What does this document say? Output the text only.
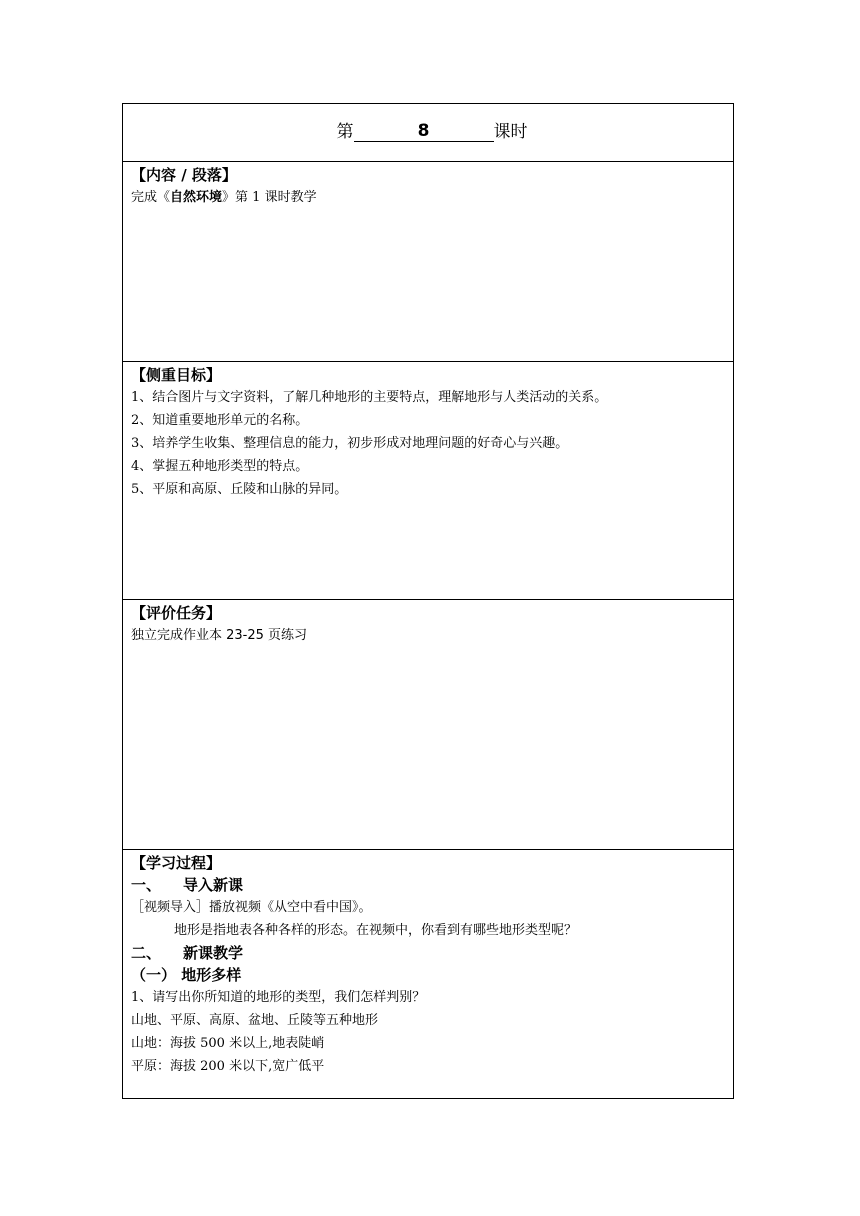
第	8	课时
【内容 / 段落】
完成《自然环境》第 1 课时教学
【侧重目标】
1、结合图片与文字资料，了解几种地形的主要特点，理解地形与人类活动的关系。
2、知道重要地形单元的名称。
3、培养学生收集、整理信息的能力，初步形成对地理问题的好奇心与兴趣。
4、掌握五种地形类型的特点。
5、平原和高原、丘陵和山脉的异同。
【评价任务】
独立完成作业本 23-25 页练习
【学习过程】
一、 导入新课
［视频导入］播放视频《从空中看中国》。
地形是指地表各种各样的形态。在视频中，你看到有哪些地形类型呢？
二、 新课教学
（一） 地形多样
1、请写出你所知道的地形的类型，我们怎样判别？
山地、平原、高原、盆地、丘陵等五种地形
山地：海拔 500 米以上,地表陡峭
平原：海拔 200 米以下,宽广低平
